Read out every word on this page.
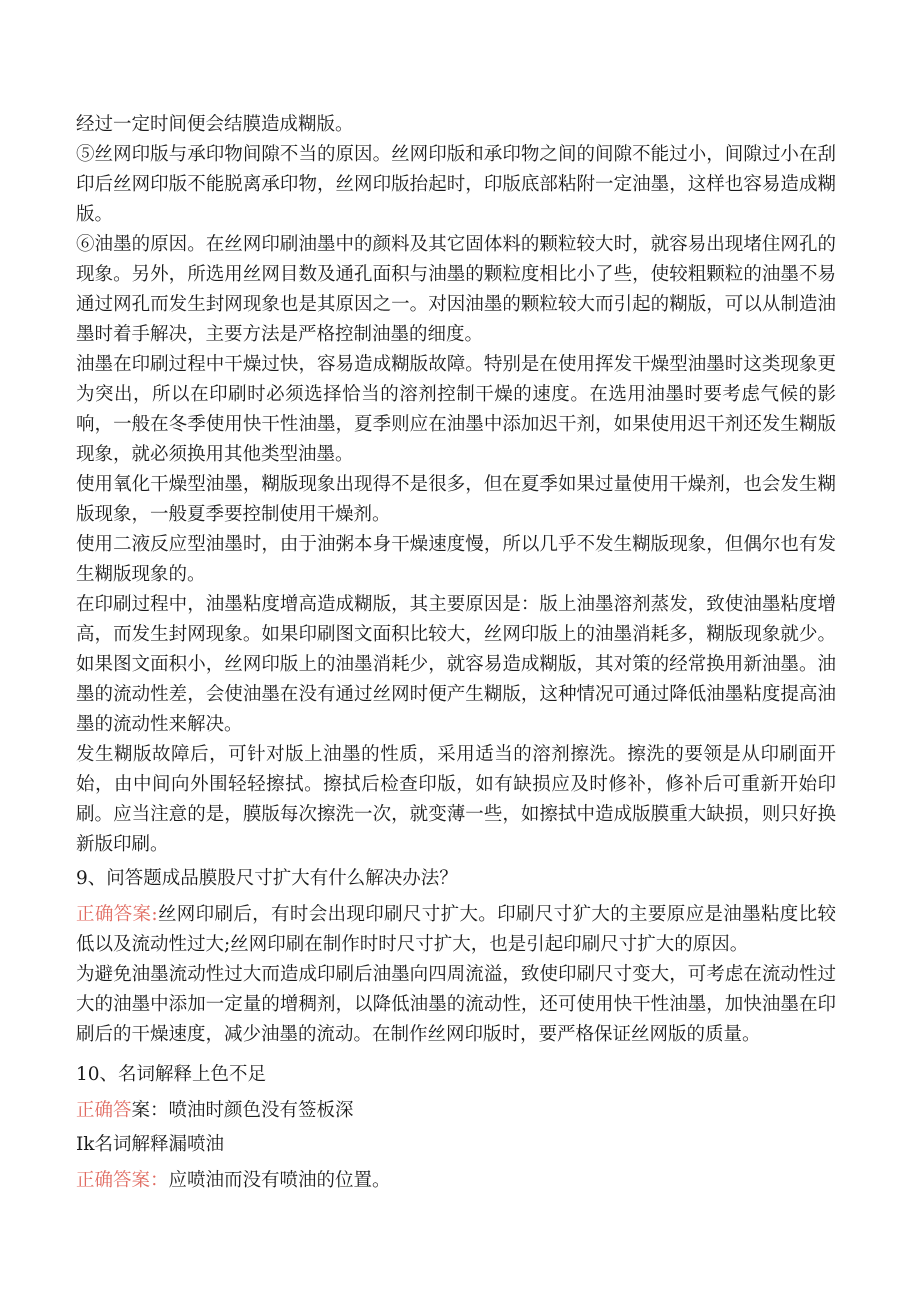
经过一定时间便会结膜造成糊版。

⑤丝网印版与承印物间隙不当的原因。丝网印版和承印物之间的间隙不能过小，间隙过小在刮印后丝网印版不能脱离承印物，丝网印版抬起时，印版底部粘附一定油墨，这样也容易造成糊版。

⑥油墨的原因。在丝网印刷油墨中的颜料及其它固体料的颗粒较大时，就容易出现堵住网孔的现象。另外，所选用丝网目数及通孔面积与油墨的颗粒度相比小了些，使较粗颗粒的油墨不易通过网孔而发生封网现象也是其原因之一。对因油墨的颗粒较大而引起的糊版，可以从制造油墨时着手解决，主要方法是严格控制油墨的细度。

油墨在印刷过程中干燥过快，容易造成糊版故障。特别是在使用挥发干燥型油墨时这类现象更为突出，所以在印刷时必须选择恰当的溶剂控制干燥的速度。在选用油墨时要考虑气候的影响，一般在冬季使用快干性油墨，夏季则应在油墨中添加迟干剂，如果使用迟干剂还发生糊版现象，就必须换用其他类型油墨。

使用氧化干燥型油墨，糊版现象出现得不是很多，但在夏季如果过量使用干燥剂，也会发生糊版现象，一般夏季要控制使用干燥剂。

使用二液反应型油墨时，由于油粥本身干燥速度慢，所以几乎不发生糊版现象，但偶尔也有发生糊版现象的。

在印刷过程中，油墨粘度增高造成糊版，其主要原因是：版上油墨溶剂蒸发，致使油墨粘度增高，而发生封网现象。如果印刷图文面积比较大，丝网印版上的油墨消耗多，糊版现象就少。如果图文面积小，丝网印版上的油墨消耗少，就容易造成糊版，其对策的经常换用新油墨。油墨的流动性差，会使油墨在没有通过丝网时便产生糊版，这种情况可通过降低油墨粘度提高油墨的流动性来解决。

发生糊版故障后，可针对版上油墨的性质，采用适当的溶剂擦洗。擦洗的要领是从印刷面开始，由中间向外围轻轻擦拭。擦拭后检查印版，如有缺损应及时修补，修补后可重新开始印刷。应当注意的是，膜版每次擦洗一次，就变薄一些，如擦拭中造成版膜重大缺损，则只好换新版印刷。

9、问答题成品膜股尺寸扩大有什么解决办法？

正确答案:丝网印刷后，有时会出现印刷尺寸扩大。印刷尺寸犷大的主要原应是油墨粘度比较低以及流动性过大;丝网印刷在制作时时尺寸扩大，也是引起印刷尺寸扩大的原因。

为避免油墨流动性过大而造成印刷后油墨向四周流溢，致使印刷尺寸变大，可考虑在流动性过大的油墨中添加一定量的增稠剂，以降低油墨的流动性，还可使用快干性油墨，加快油墨在印刷后的干燥速度，减少油墨的流动。在制作丝网印版时，要严格保证丝网版的质量。

10、名词解释上色不足

正确答案：喷油时颜色没有签板深

Ik名词解释漏喷油

正确答案：应喷油而没有喷油的位置。
